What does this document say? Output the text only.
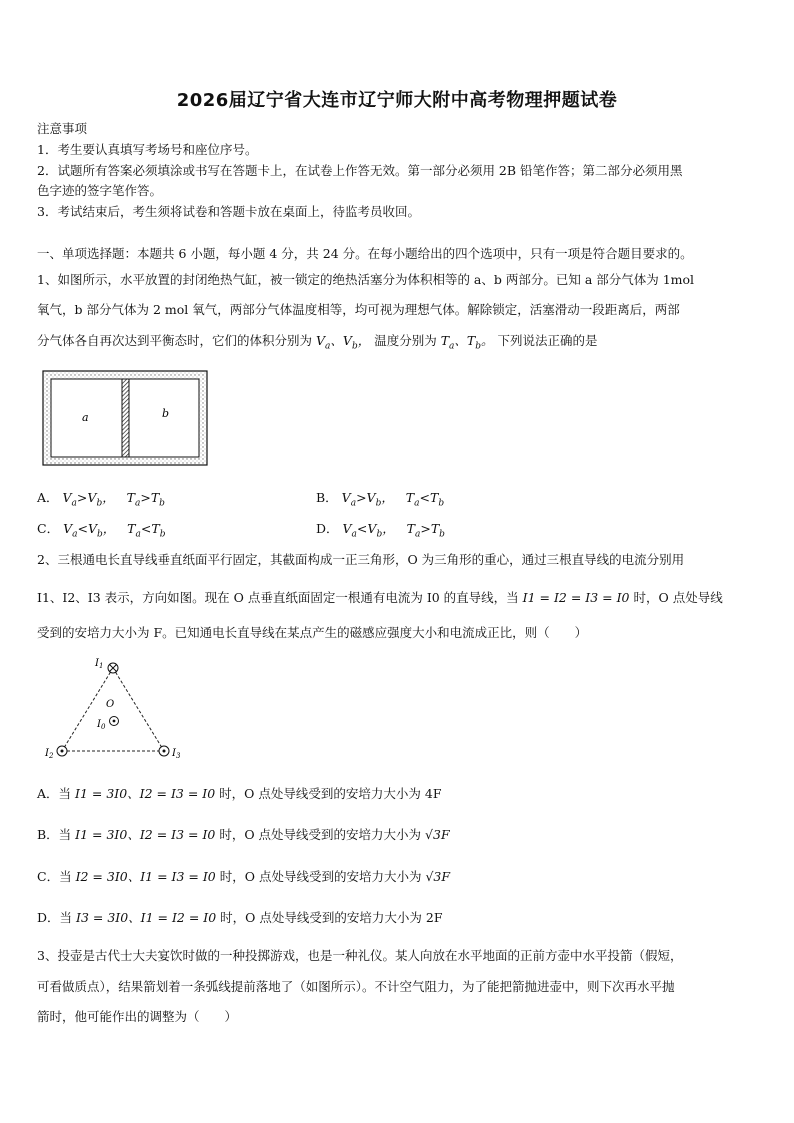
2026届辽宁省大连市辽宁师大附中高考物理押题试卷
注意事项
1．考生要认真填写考场号和座位序号。
2．试题所有答案必须填涂或书写在答题卡上，在试卷上作答无效。第一部分必须用 2B 铅笔作答；第二部分必须用黑
色字迹的签字笔作答。
3．考试结束后，考生须将试卷和答题卡放在桌面上，待监考员收回。
一、单项选择题：本题共 6 小题，每小题 4 分，共 24 分。在每小题给出的四个选项中，只有一项是符合题目要求的。
1、如图所示，水平放置的封闭绝热气缸，被一锁定的绝热活塞分为体积相等的 a、b 两部分。已知 a 部分气体为 1mol
氧气，b 部分气体为 2 mol 氧气，两部分气体温度相等，均可视为理想气体。解除锁定，活塞滑动一段距离后，两部
分气体各自再次达到平衡态时，它们的体积分别为 $V_a$、$V_b$， 温度分别为 $T_a$、$T_b$。 下列说法正确的是
a	b
A． $V_a>V_b$，   $T_a>T_b$	B． $V_a>V_b$，   $T_a<T_b$
C． $V_a<V_b$，   $T_a<T_b$	D． $V_a<V_b$，   $T_a>T_b$
2、三根通电长直导线垂直纸面平行固定，其截面构成一正三角形，O 为三角形的重心，通过三根直导线的电流分别用
I1、I2、I3 表示，方向如图。现在 O 点垂直纸面固定一根通有电流为 I0 的直导线，当 I1 = I2 = I3 = I0 时，O 点处导线
受到的安培力大小为 F。已知通电长直导线在某点产生的磁感应强度大小和电流成正比，则（　　）
$I_1$
O
$I_0$
$I_2$	$I_3$
A．当 I1 = 3I0、I2 = I3 = I0 时，O 点处导线受到的安培力大小为 4F
B．当 I1 = 3I0、I2 = I3 = I0 时，O 点处导线受到的安培力大小为 √3F
C．当 I2 = 3I0、I1 = I3 = I0 时，O 点处导线受到的安培力大小为 √3F
D．当 I3 = 3I0、I1 = I2 = I0 时，O 点处导线受到的安培力大小为 2F
3、投壶是古代士大夫宴饮时做的一种投掷游戏，也是一种礼仪。某人向放在水平地面的正前方壶中水平投箭（假短，
可看做质点），结果箭划着一条弧线提前落地了（如图所示）。不计空气阻力，为了能把箭抛进壶中，则下次再水平抛
箭时，他可能作出的调整为（　　）
